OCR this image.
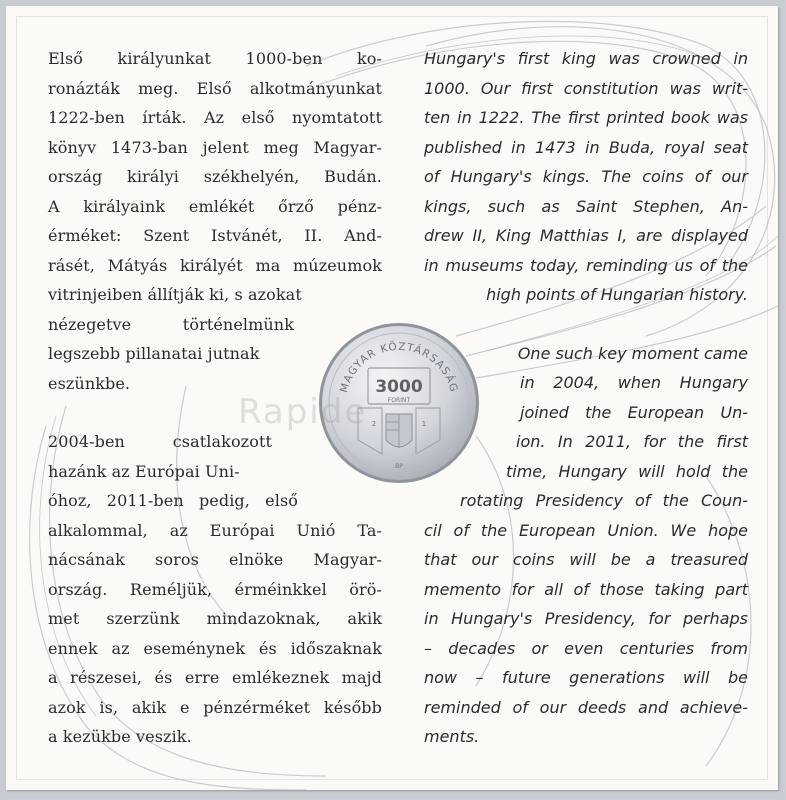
Első királyunkat 1000-ben ko-
ronázták meg. Első alkotmányunkat
1222-ben írták. Az első nyomtatott
könyv 1473-ban jelent meg Magyar-
ország királyi székhelyén, Budán.
A királyaink emlékét őrző pénz-
érméket: Szent Istvánét, II. And-
rásét, Mátyás királyét ma múzeumok
vitrinjeiben állítják ki, s azokat
nézegetve történelmünk
legszebb pillanatai jutnak
eszünkbe.
2004-ben csatlakozott
hazánk az Európai Uni-
óhoz, 2011-ben pedig, első
alkalommal, az Európai Unió Ta-
nácsának soros elnöke Magyar-
ország. Reméljük, érméinkkel örö-
met szerzünk mindazoknak, akik
ennek az eseménynek és időszaknak
a részesei, és erre emlékeznek majd
azok is, akik e pénzérméket később
a kezükbe veszik.
Hungary's first king was crowned in
1000. Our first constitution was writ-
ten in 1222. The first printed book was
published in 1473 in Buda, royal seat
of Hungary's kings. The coins of our
kings, such as Saint Stephen, An-
drew II, King Matthias I, are displayed
in museums today, reminding us of the
high points of Hungarian history.
One such key moment came
in 2004, when Hungary
joined the European Un-
ion. In 2011, for the first
time, Hungary will hold the
rotating Presidency of the Coun-
cil of the European Union. We hope
that our coins will be a treasured
memento for all of those taking part
in Hungary's Presidency, for perhaps
– decades or even centuries from
now – future generations will be
reminded of our deeds and achieve-
ments.
MAGYAR KÖZTÁRSASÁG
3000
FORINT
2	1
BP
Rapide
